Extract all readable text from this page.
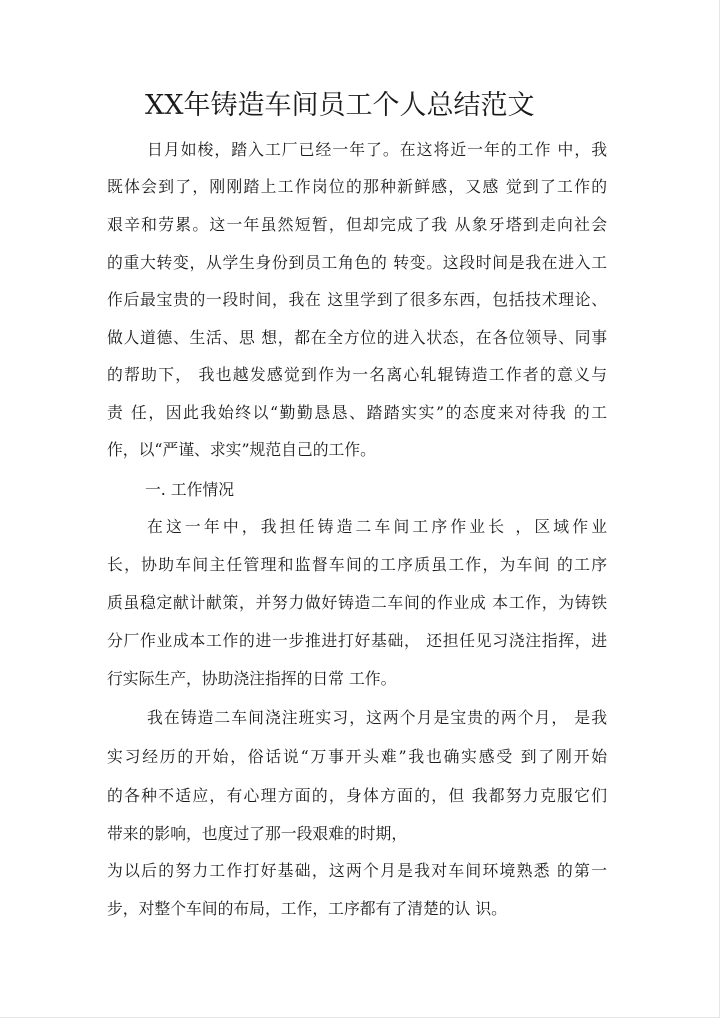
XX年铸造车间员工个人总结范文

日月如梭，踏入工厂已经一年了。在这将近一年的工作 中，我

既体会到了，刚刚踏上工作岗位的那种新鲜感，又感 觉到了工作的

艰辛和劳累。这一年虽然短暂，但却完成了我 从象牙塔到走向社会

的重大转变，从学生身份到员工角色的 转变。这段时间是我在进入工

作后最宝贵的一段时间，我在 这里学到了很多东西，包括技术理论、

做人道德、生活、思 想，都在全方位的进入状态，在各位领导、同事

的帮助下， 我也越发感觉到作为一名离心轧辊铸造工作者的意义与

责 任，因此我始终以“勤勤恳恳、踏踏实实”的态度来对待我 的工

作，以“严谨、求实”规范自己的工作。

一. 工作情况

在这一年中，我担任铸造二车间工序作业长 ，区域作业

长，协助车间主任管理和监督车间的工序质虽工作，为车间 的工序

质虽稳定献计献策，并努力做好铸造二车间的作业成 本工作，为铸铁

分厂作业成本工作的进一步推进打好基础， 还担任见习浇注指挥，进

行实际生产，协助浇注指挥的日常 工作。

我在铸造二车间浇注班实习，这两个月是宝贵的两个月， 是我

实习经历的开始，俗话说“万事开头难”我也确实感受 到了刚开始

的各种不适应，有心理方面的，身体方面的，但 我都努力克服它们

带来的影响，也度过了那一段艰难的时期，

为以后的努力工作打好基础，这两个月是我对车间环境熟悉 的第一

步，对整个车间的布局，工作，工序都有了清楚的认 识。
